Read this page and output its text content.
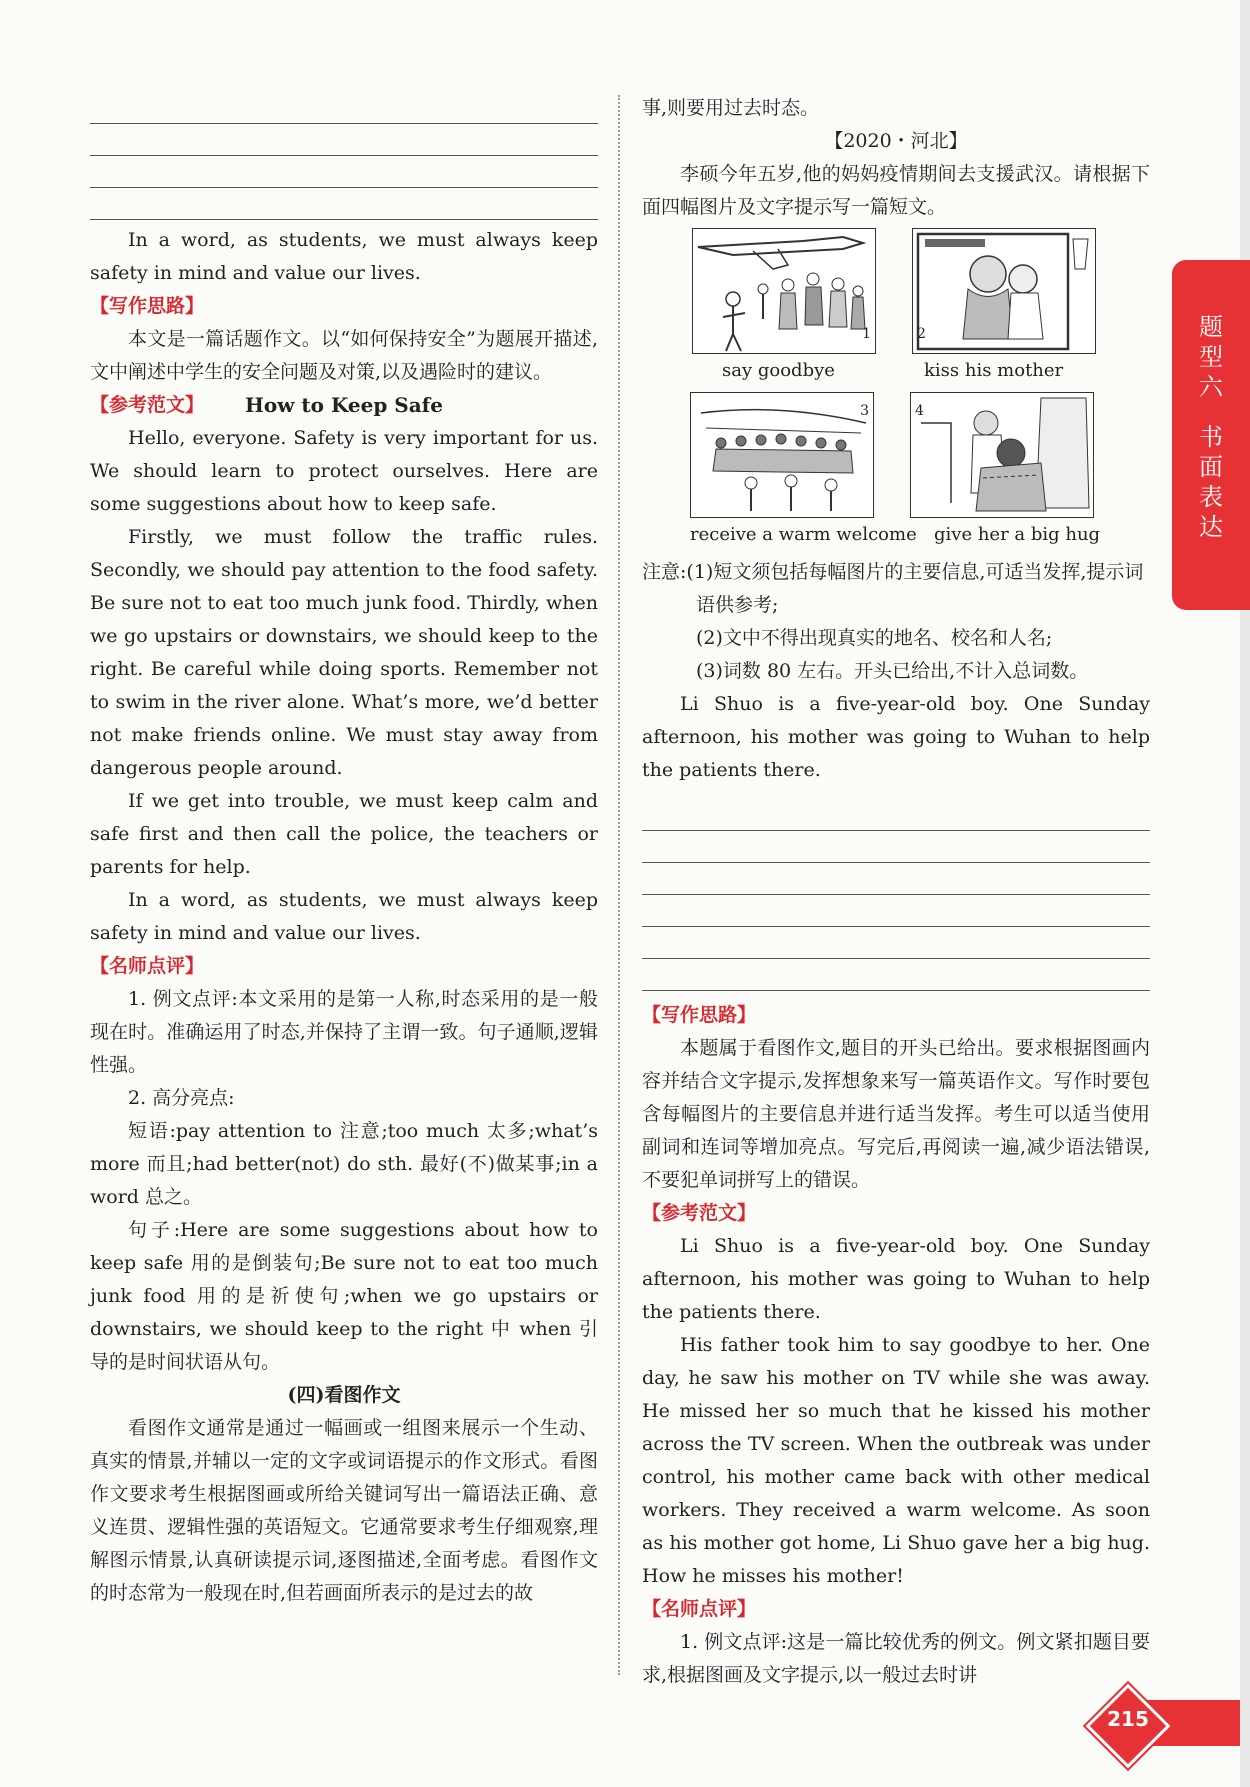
In a word, as students, we must always keep safety in mind and value our lives.

【写作思路】

本文是一篇话题作文。以“如何保持安全”为题展开描述,文中阐述中学生的安全问题及对策,以及遇险时的建议。

【参考范文】	How to Keep Safe

Hello, everyone. Safety is very important for us. We should learn to protect ourselves. Here are some suggestions about how to keep safe.

Firstly, we must follow the traffic rules. Secondly, we should pay attention to the food safety. Be sure not to eat too much junk food. Thirdly, when we go upstairs or downstairs, we should keep to the right. Be careful while doing sports. Remember not to swim in the river alone. What’s more, we’d better not make friends online. We must stay away from dangerous people around.

If we get into trouble, we must keep calm and safe first and then call the police, the teachers or parents for help.

In a word, as students, we must always keep safety in mind and value our lives.

【名师点评】

1. 例文点评:本文采用的是第一人称,时态采用的是一般现在时。准确运用了时态,并保持了主谓一致。句子通顺,逻辑性强。

2. 高分亮点:

短语:pay attention to 注意;too much 太多;what’s more 而且;had better(not) do sth. 最好(不)做某事;in a word 总之。

句子:Here are some suggestions about how to keep safe 用的是倒装句;Be sure not to eat too much junk food 用的是祈使句;when we go upstairs or downstairs, we should keep to the right 中 when 引导的是时间状语从句。

(四)看图作文

看图作文通常是通过一幅画或一组图来展示一个生动、真实的情景,并辅以一定的文字或词语提示的作文形式。看图作文要求考生根据图画或所给关键词写出一篇语法正确、意义连贯、逻辑性强的英语短文。它通常要求考生仔细观察,理解图示情景,认真研读提示词,逐图描述,全面考虑。看图作文的时态常为一般现在时,但若画面所表示的是过去的故

事,则要用过去时态。

【2020・河北】

李硕今年五岁,他的妈妈疫情期间去支援武汉。请根据下面四幅图片及文字提示写一篇短文。

1
say goodbye
2
kiss his mother
3
receive a warm welcome
4
give her a big hug

注意:(1)短文须包括每幅图片的主要信息,可适当发挥,提示词语供参考;

(2)文中不得出现真实的地名、校名和人名;

(3)词数 80 左右。开头已给出,不计入总词数。

Li Shuo is a five-year-old boy. One Sunday afternoon, his mother was going to Wuhan to help the patients there.

【写作思路】

本题属于看图作文,题目的开头已给出。要求根据图画内容并结合文字提示,发挥想象来写一篇英语作文。写作时要包含每幅图片的主要信息并进行适当发挥。考生可以适当使用副词和连词等增加亮点。写完后,再阅读一遍,减少语法错误,不要犯单词拼写上的错误。

【参考范文】

Li Shuo is a five-year-old boy. One Sunday afternoon, his mother was going to Wuhan to help the patients there.

His father took him to say goodbye to her. One day, he saw his mother on TV while she was away. He missed her so much that he kissed his mother across the TV screen. When the outbreak was under control, his mother came back with other medical workers. They received a warm welcome. As soon as his mother got home, Li Shuo gave her a big hug. How he misses his mother!

【名师点评】

1. 例文点评:这是一篇比较优秀的例文。例文紧扣题目要求,根据图画及文字提示,以一般过去时讲

题
型
六
书
面
表
达
215
